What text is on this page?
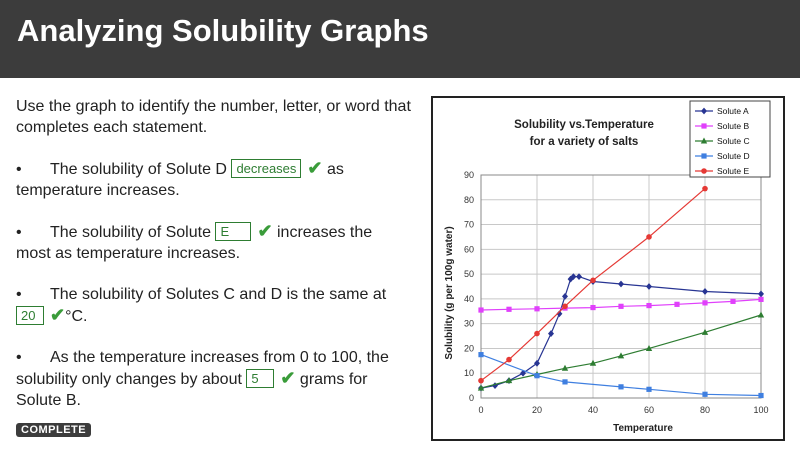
Analyzing Solubility Graphs

Use the graph to identify the number, letter, or word that completes each statement.

• The solubility of Solute D decreases ✔ as temperature increases.

• The solubility of Solute E ✔ increases the most as temperature increases.

• The solubility of Solutes C and D is the same at 20 ✔°C.

• As the temperature increases from 0 to 100, the solubility only changes by about 5 ✔ grams for Solute B.

COMPLETE
0
10
20
30
40
50
60
70
80
90
0	20	40	60	80	100
Solubility vs.Temperature
for a variety of salts
Temperature
Solubility (g per 100g water)
Solute A
Solute B
Solute C
Solute D
Solute E
